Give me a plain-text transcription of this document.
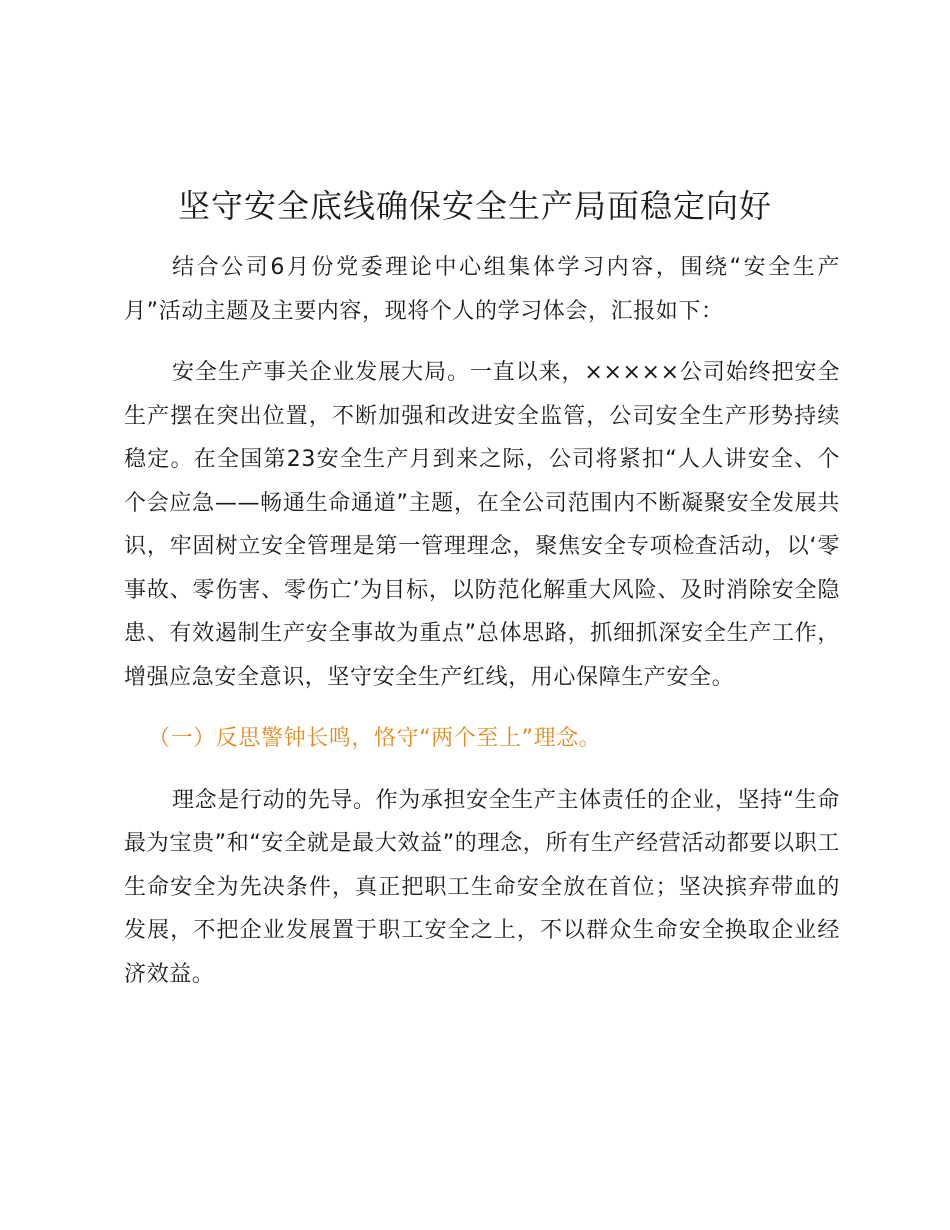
坚守安全底线确保安全生产局面稳定向好

结合公司6月份党委理论中心组集体学习内容，围绕“安全生产月”活动主题及主要内容，现将个人的学习体会，汇报如下：

安全生产事关企业发展大局。一直以来，×××××公司始终把安全生产摆在突出位置，不断加强和改进安全监管，公司安全生产形势持续稳定。在全国第23安全生产月到来之际，公司将紧扣“人人讲安全、个个会应急——畅通生命通道”主题，在全公司范围内不断凝聚安全发展共识，牢固树立安全管理是第一管理理念，聚焦安全专项检查活动，以‘零事故、零伤害、零伤亡’为目标，以防范化解重大风险、及时消除安全隐患、有效遏制生产安全事故为重点”总体思路，抓细抓深安全生产工作，增强应急安全意识，坚守安全生产红线，用心保障生产安全。

（一）反思警钟长鸣，恪守“两个至上”理念。

理念是行动的先导。作为承担安全生产主体责任的企业，坚持“生命最为宝贵”和“安全就是最大效益”的理念，所有生产经营活动都要以职工生命安全为先决条件，真正把职工生命安全放在首位；坚决摈弃带血的发展，不把企业发展置于职工安全之上，不以群众生命安全换取企业经济效益。
